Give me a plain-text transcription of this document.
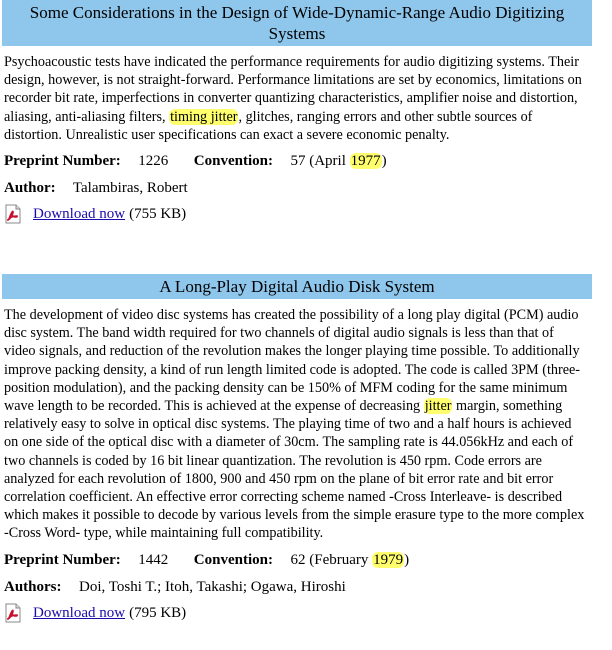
Some Considerations in the Design of Wide-Dynamic-Range Audio Digitizing Systems
Psychoacoustic tests have indicated the performance requirements for audio digitizing systems. Their design, however, is not straight-forward. Performance limitations are set by economics, limitations on recorder bit rate, imperfections in converter quantizing characteristics, amplifier noise and distortion, aliasing, anti-aliasing filters, timing jitter, glitches, ranging errors and other subtle sources of distortion. Unrealistic user specifications can exact a severe economic penalty.
Preprint Number: 1226 Convention: 57 (April 1977)
Author: Talambiras, Robert
Download now (755 KB)
A Long-Play Digital Audio Disk System
The development of video disc systems has created the possibility of a long play digital (PCM) audio disc system. The band width required for two channels of digital audio signals is less than that of video signals, and reduction of the revolution makes the longer playing time possible. To additionally improve packing density, a kind of run length limited code is adopted. The code is called 3PM (three-position modulation), and the packing density can be 150% of MFM coding for the same minimum wave length to be recorded. This is achieved at the expense of decreasing jitter margin, something relatively easy to solve in optical disc systems. The playing time of two and a half hours is achieved on one side of the optical disc with a diameter of 30cm. The sampling rate is 44.056kHz and each of two channels is coded by 16 bit linear quantization. The revolution is 450 rpm. Code errors are analyzed for each revolution of 1800, 900 and 450 rpm on the plane of bit error rate and bit error correlation coefficient. An effective error correcting scheme named -Cross Interleave- is described which makes it possible to decode by various levels from the simple erasure type to the more complex -Cross Word- type, while maintaining full compatibility.
Preprint Number: 1442 Convention: 62 (February 1979)
Authors: Doi, Toshi T.; Itoh, Takashi; Ogawa, Hiroshi
Download now (795 KB)
